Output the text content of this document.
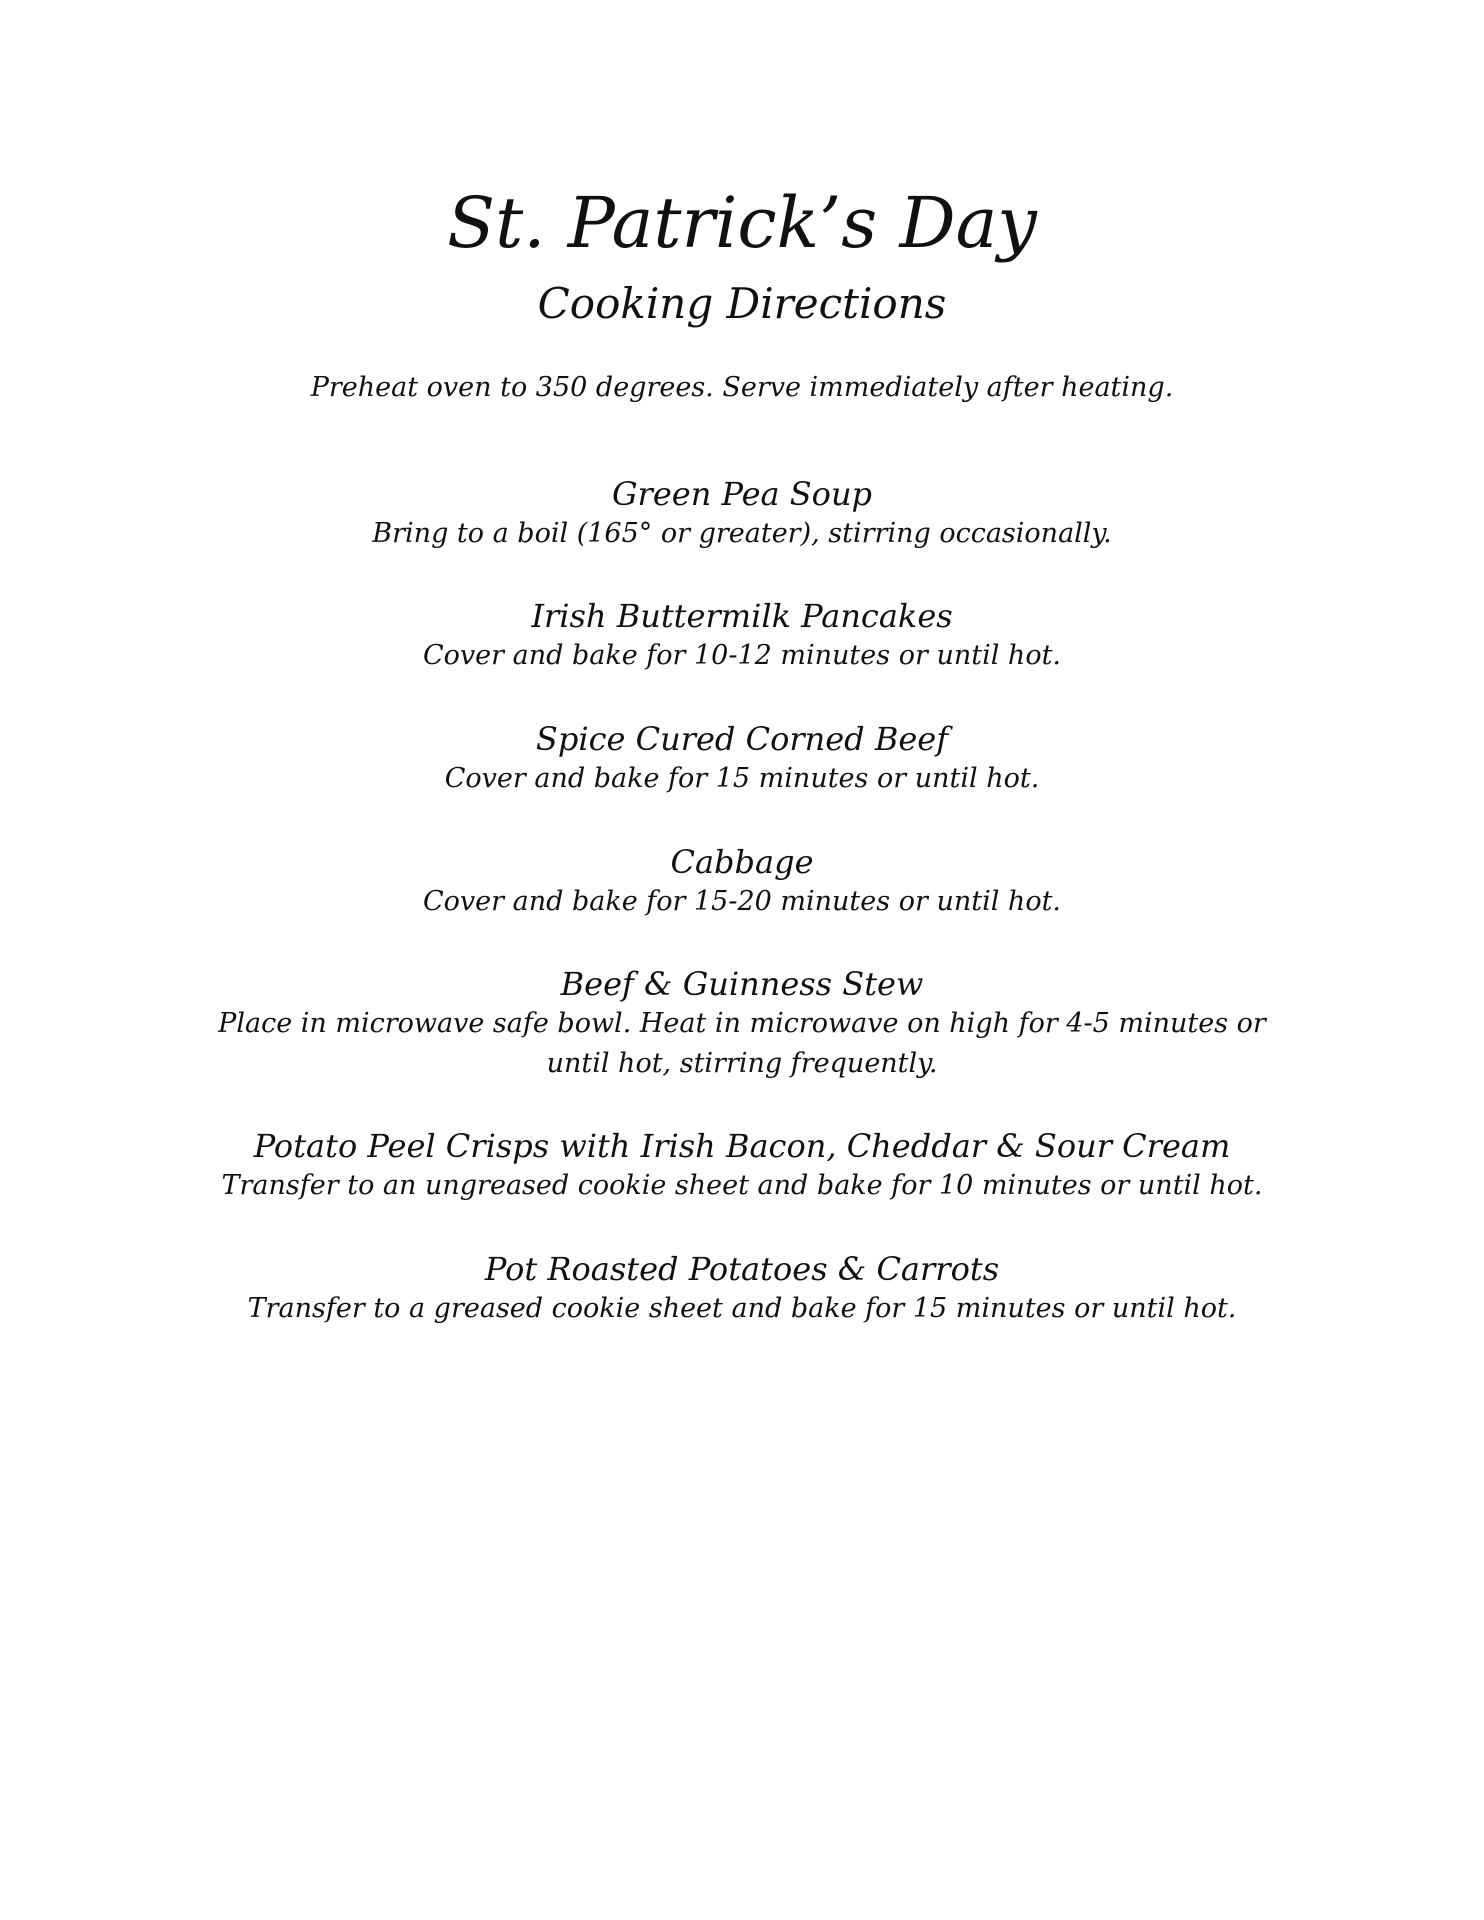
St. Patrick’s Day
Cooking Directions

Preheat oven to 350 degrees. Serve immediately after heating.

Green Pea Soup

Bring to a boil (165° or greater), stirring occasionally.

Irish Buttermilk Pancakes

Cover and bake for 10-12 minutes or until hot.

Spice Cured Corned Beef

Cover and bake for 15 minutes or until hot.

Cabbage

Cover and bake for 15-20 minutes or until hot.

Beef & Guinness Stew

Place in microwave safe bowl. Heat in microwave on high for 4-5 minutes or until hot, stirring frequently.

Potato Peel Crisps with Irish Bacon, Cheddar & Sour Cream

Transfer to an ungreased cookie sheet and bake for 10 minutes or until hot.

Pot Roasted Potatoes & Carrots

Transfer to a greased cookie sheet and bake for 15 minutes or until hot.
